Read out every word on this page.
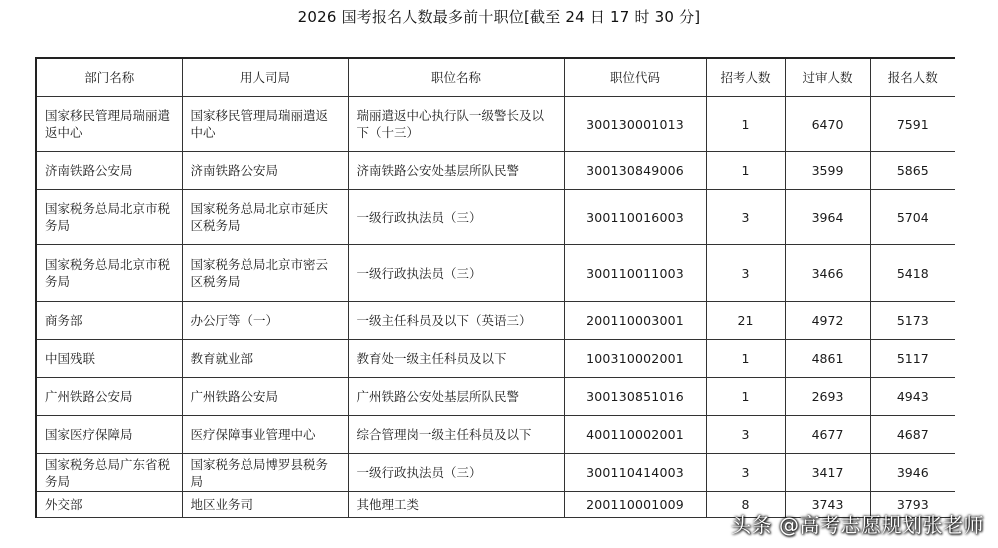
2026 国考报名人数最多前十职位[截至 24 日 17 时 30 分]
部门名称	用人司局	职位名称	职位代码	招考人数	过审人数	报名人数
国家移民管理局瑞丽遣返中心	国家移民管理局瑞丽遣返中心	瑞丽遣返中心执行队一级警长及以下（十三）	300130001013	1	6470	7591
济南铁路公安局	济南铁路公安局	济南铁路公安处基层所队民警	300130849006	1	3599	5865
国家税务总局北京市税务局	国家税务总局北京市延庆区税务局	一级行政执法员（三）	300110016003	3	3964	5704
国家税务总局北京市税务局	国家税务总局北京市密云区税务局	一级行政执法员（三）	300110011003	3	3466	5418
商务部	办公厅等（一）	一级主任科员及以下（英语三）	200110003001	21	4972	5173
中国残联	教育就业部	教育处一级主任科员及以下	100310002001	1	4861	5117
广州铁路公安局	广州铁路公安局	广州铁路公安处基层所队民警	300130851016	1	2693	4943
国家医疗保障局	医疗保障事业管理中心	综合管理岗一级主任科员及以下	400110002001	3	4677	4687
国家税务总局广东省税务局	国家税务总局博罗县税务局	一级行政执法员（三）	300110414003	3	3417	3946
外交部	地区业务司	其他理工类	200110001009	8	3743	3793
头条 @高考志愿规划张老师
